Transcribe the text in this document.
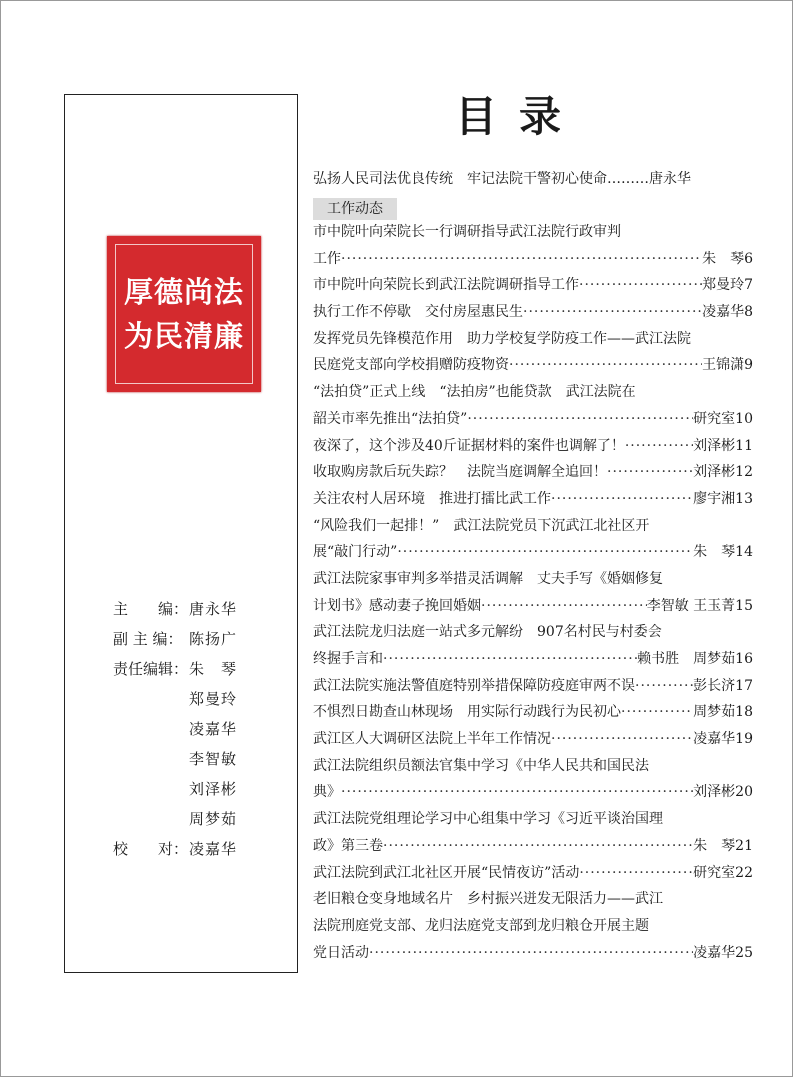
厚德尚法
为民清廉
主　　编： 唐永华
副 主 编： 陈扬广
责任编辑： 朱　琴
郑曼玲
凌嘉华
李智敏
刘泽彬
周梦茹
校　　对： 凌嘉华
目录
弘扬人民司法优良传统　牢记法院干警初心使命………唐永华
工作动态
市中院叶向荣院长一行调研指导武江法院行政审判
工作 ·····	朱　琴6
市中院叶向荣院长到武江法院调研指导工作 ·····	郑曼玲7
执行工作不停歇　交付房屋惠民生 ·····	凌嘉华8
发挥党员先锋模范作用　助力学校复学防疫工作——武江法院
民庭党支部向学校捐赠防疫物资 ·····	王锦潇9
“法拍贷”正式上线　“法拍房”也能贷款　武江法院在
韶关市率先推出“法拍贷” ·····	研究室10
夜深了，这个涉及40斤证据材料的案件也调解了！ ·····	刘泽彬11
收取购房款后玩失踪？　法院当庭调解全追回！ ·····	刘泽彬12
关注农村人居环境　推进打擂比武工作 ·····	廖宇湘13
“风险我们一起排！”　武江法院党员下沉武江北社区开
展“敲门行动” ·····	朱　琴14
武江法院家事审判多举措灵活调解　丈夫手写《婚姻修复
计划书》感动妻子挽回婚姻 ·····	李智敏 王玉菁15
武江法院龙归法庭一站式多元解纷　907名村民与村委会
终握手言和 ·····	赖书胜　周梦茹16
武江法院实施法警值庭特别举措保障防疫庭审两不误 ·····	彭长济17
不惧烈日勘查山林现场　用实际行动践行为民初心 ·····	周梦茹18
武江区人大调研区法院上半年工作情况 ·····	凌嘉华19
武江法院组织员额法官集中学习《中华人民共和国民法
典》 ·····	刘泽彬20
武江法院党组理论学习中心组集中学习《习近平谈治国理
政》第三卷 ·····	朱　琴21
武江法院到武江北社区开展“民情夜访”活动 ·····	研究室22
老旧粮仓变身地域名片　乡村振兴迸发无限活力——武江
法院刑庭党支部、龙归法庭党支部到龙归粮仓开展主题
党日活动 ·····	凌嘉华25
